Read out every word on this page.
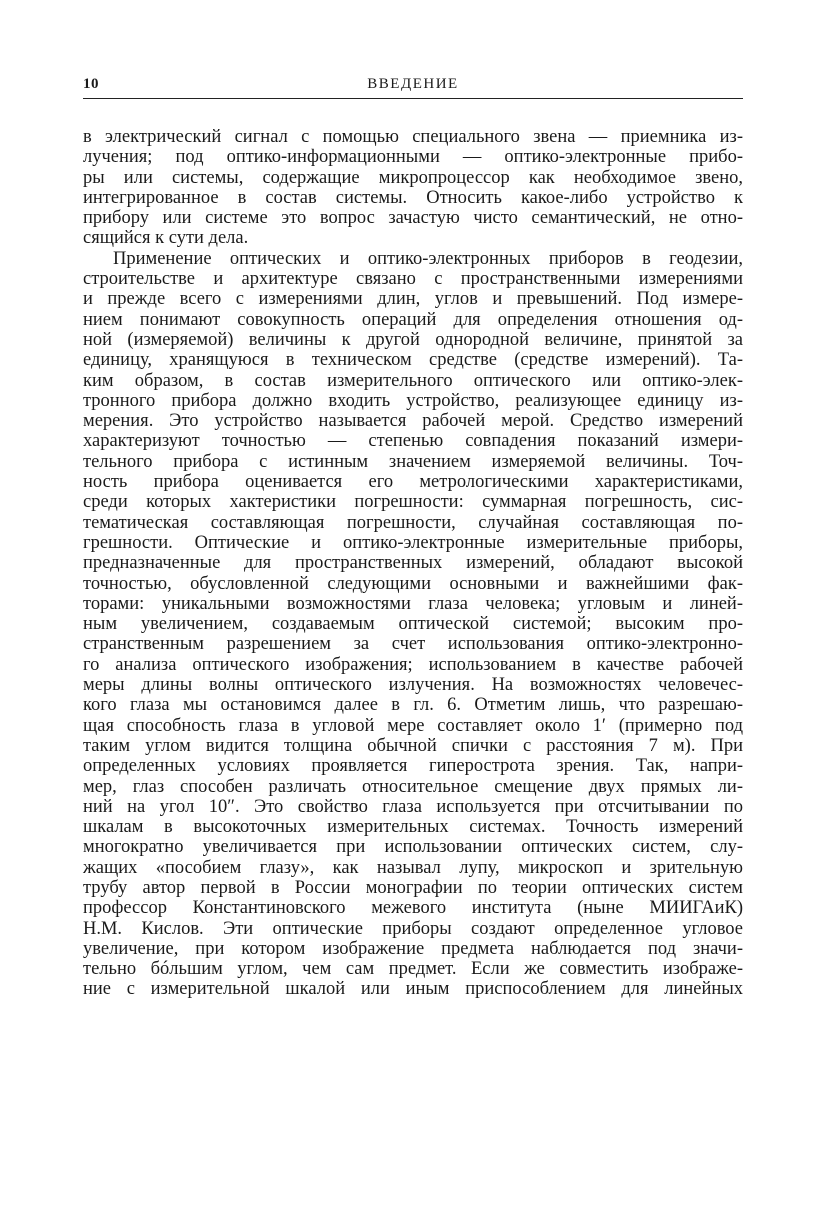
10	ВВЕДЕНИЕ
в электрический сигнал с помощью специального звена — приемника из-
лучения; под оптико-информационными — оптико-электронные прибо-
ры или системы, содержащие микропроцессор как необходимое звено,
интегрированное в состав системы. Относить какое-либо устройство к
прибору или системе это вопрос зачастую чисто семантический, не отно-
сящийся к сути дела.
Применение оптических и оптико-электронных приборов в геодезии,
строительстве и архитектуре связано с пространственными измерениями
и прежде всего с измерениями длин, углов и превышений. Под измере-
нием понимают совокупность операций для определения отношения од-
ной (измеряемой) величины к другой однородной величине, принятой за
единицу, хранящуюся в техническом средстве (средстве измерений). Та-
ким образом, в состав измерительного оптического или оптико-элек-
тронного прибора должно входить устройство, реализующее единицу из-
мерения. Это устройство называется рабочей мерой. Средство измерений
характеризуют точностью — степенью совпадения показаний измери-
тельного прибора с истинным значением измеряемой величины. Точ-
ность прибора оценивается его метрологическими характеристиками,
среди которых хактеристики погрешности: суммарная погрешность, сис-
тематическая составляющая погрешности, случайная составляющая по-
грешности. Оптические и оптико-электронные измерительные приборы,
предназначенные для пространственных измерений, обладают высокой
точностью, обусловленной следующими основными и важнейшими фак-
торами: уникальными возможностями глаза человека; угловым и линей-
ным увеличением, создаваемым оптической системой; высоким про-
странственным разрешением за счет использования оптико-электронно-
го анализа оптического изображения; использованием в качестве рабочей
меры длины волны оптического излучения. На возможностях человечес-
кого глаза мы остановимся далее в гл. 6. Отметим лишь, что разрешаю-
щая способность глаза в угловой мере составляет около 1′ (примерно под
таким углом видится толщина обычной спички с расстояния 7 м). При
определенных условиях проявляется гиперострота зрения. Так, напри-
мер, глаз способен различать относительное смещение двух прямых ли-
ний на угол 10″. Это свойство глаза используется при отсчитывании по
шкалам в высокоточных измерительных системах. Точность измерений
многократно увеличивается при использовании оптических систем, слу-
жащих «пособием глазу», как называл лупу, микроскоп и зрительную
трубу автор первой в России монографии по теории оптических систем
профессор Константиновского межевого института (ныне МИИГАиК)
Н.М. Кислов. Эти оптические приборы создают определенное угловое
увеличение, при котором изображение предмета наблюдается под значи-
тельно бóльшим углом, чем сам предмет. Если же совместить изображе-
ние с измерительной шкалой или иным приспособлением для линейных
